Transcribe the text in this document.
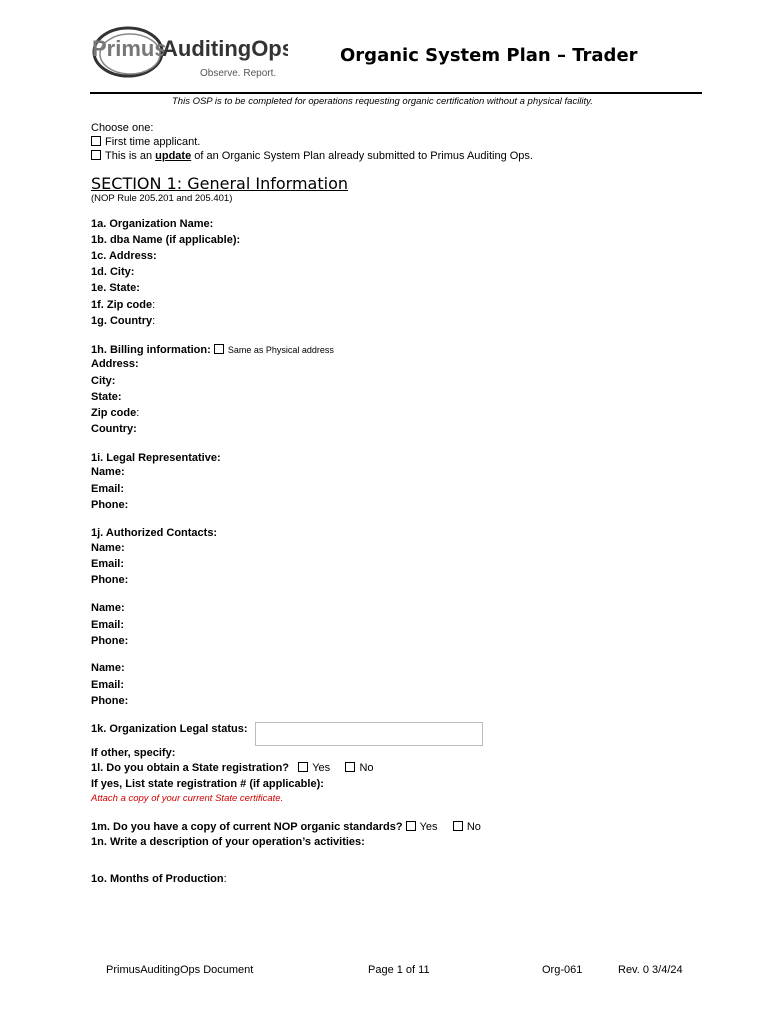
Primus
AuditingOps
Observe. Report.
Organic System Plan – Trader
This OSP is to be completed for operations requesting organic certification without a physical facility.
Choose one:
First time applicant.
This is an update of an Organic System Plan already submitted to Primus Auditing Ops.
SECTION 1: General Information
(NOP Rule 205.201 and 205.401)
1a. Organization Name:
1b. dba Name (if applicable):
1c. Address:
1d. City:
1e. State:
1f. Zip code:
1g. Country:
1h. Billing information: Same as Physical address
Address:
City:
State:
Zip code:
Country:
1i. Legal Representative:
Name:
Email:
Phone:
1j. Authorized Contacts:
Name:
Email:
Phone:
Name:
Email:
Phone:
Name:
Email:
Phone:
1k. Organization Legal status:
If other, specify:
1l. Do you obtain a State registration? Yes	No
If yes, List state registration # (if applicable):
Attach a copy of your current State certificate.
1m. Do you have a copy of current NOP organic standards? Yes	No
1n. Write a description of your operation’s activities:
1o. Months of Production:
PrimusAuditingOps Document	Page 1 of 11	Org-061	Rev. 0 3/4/24
